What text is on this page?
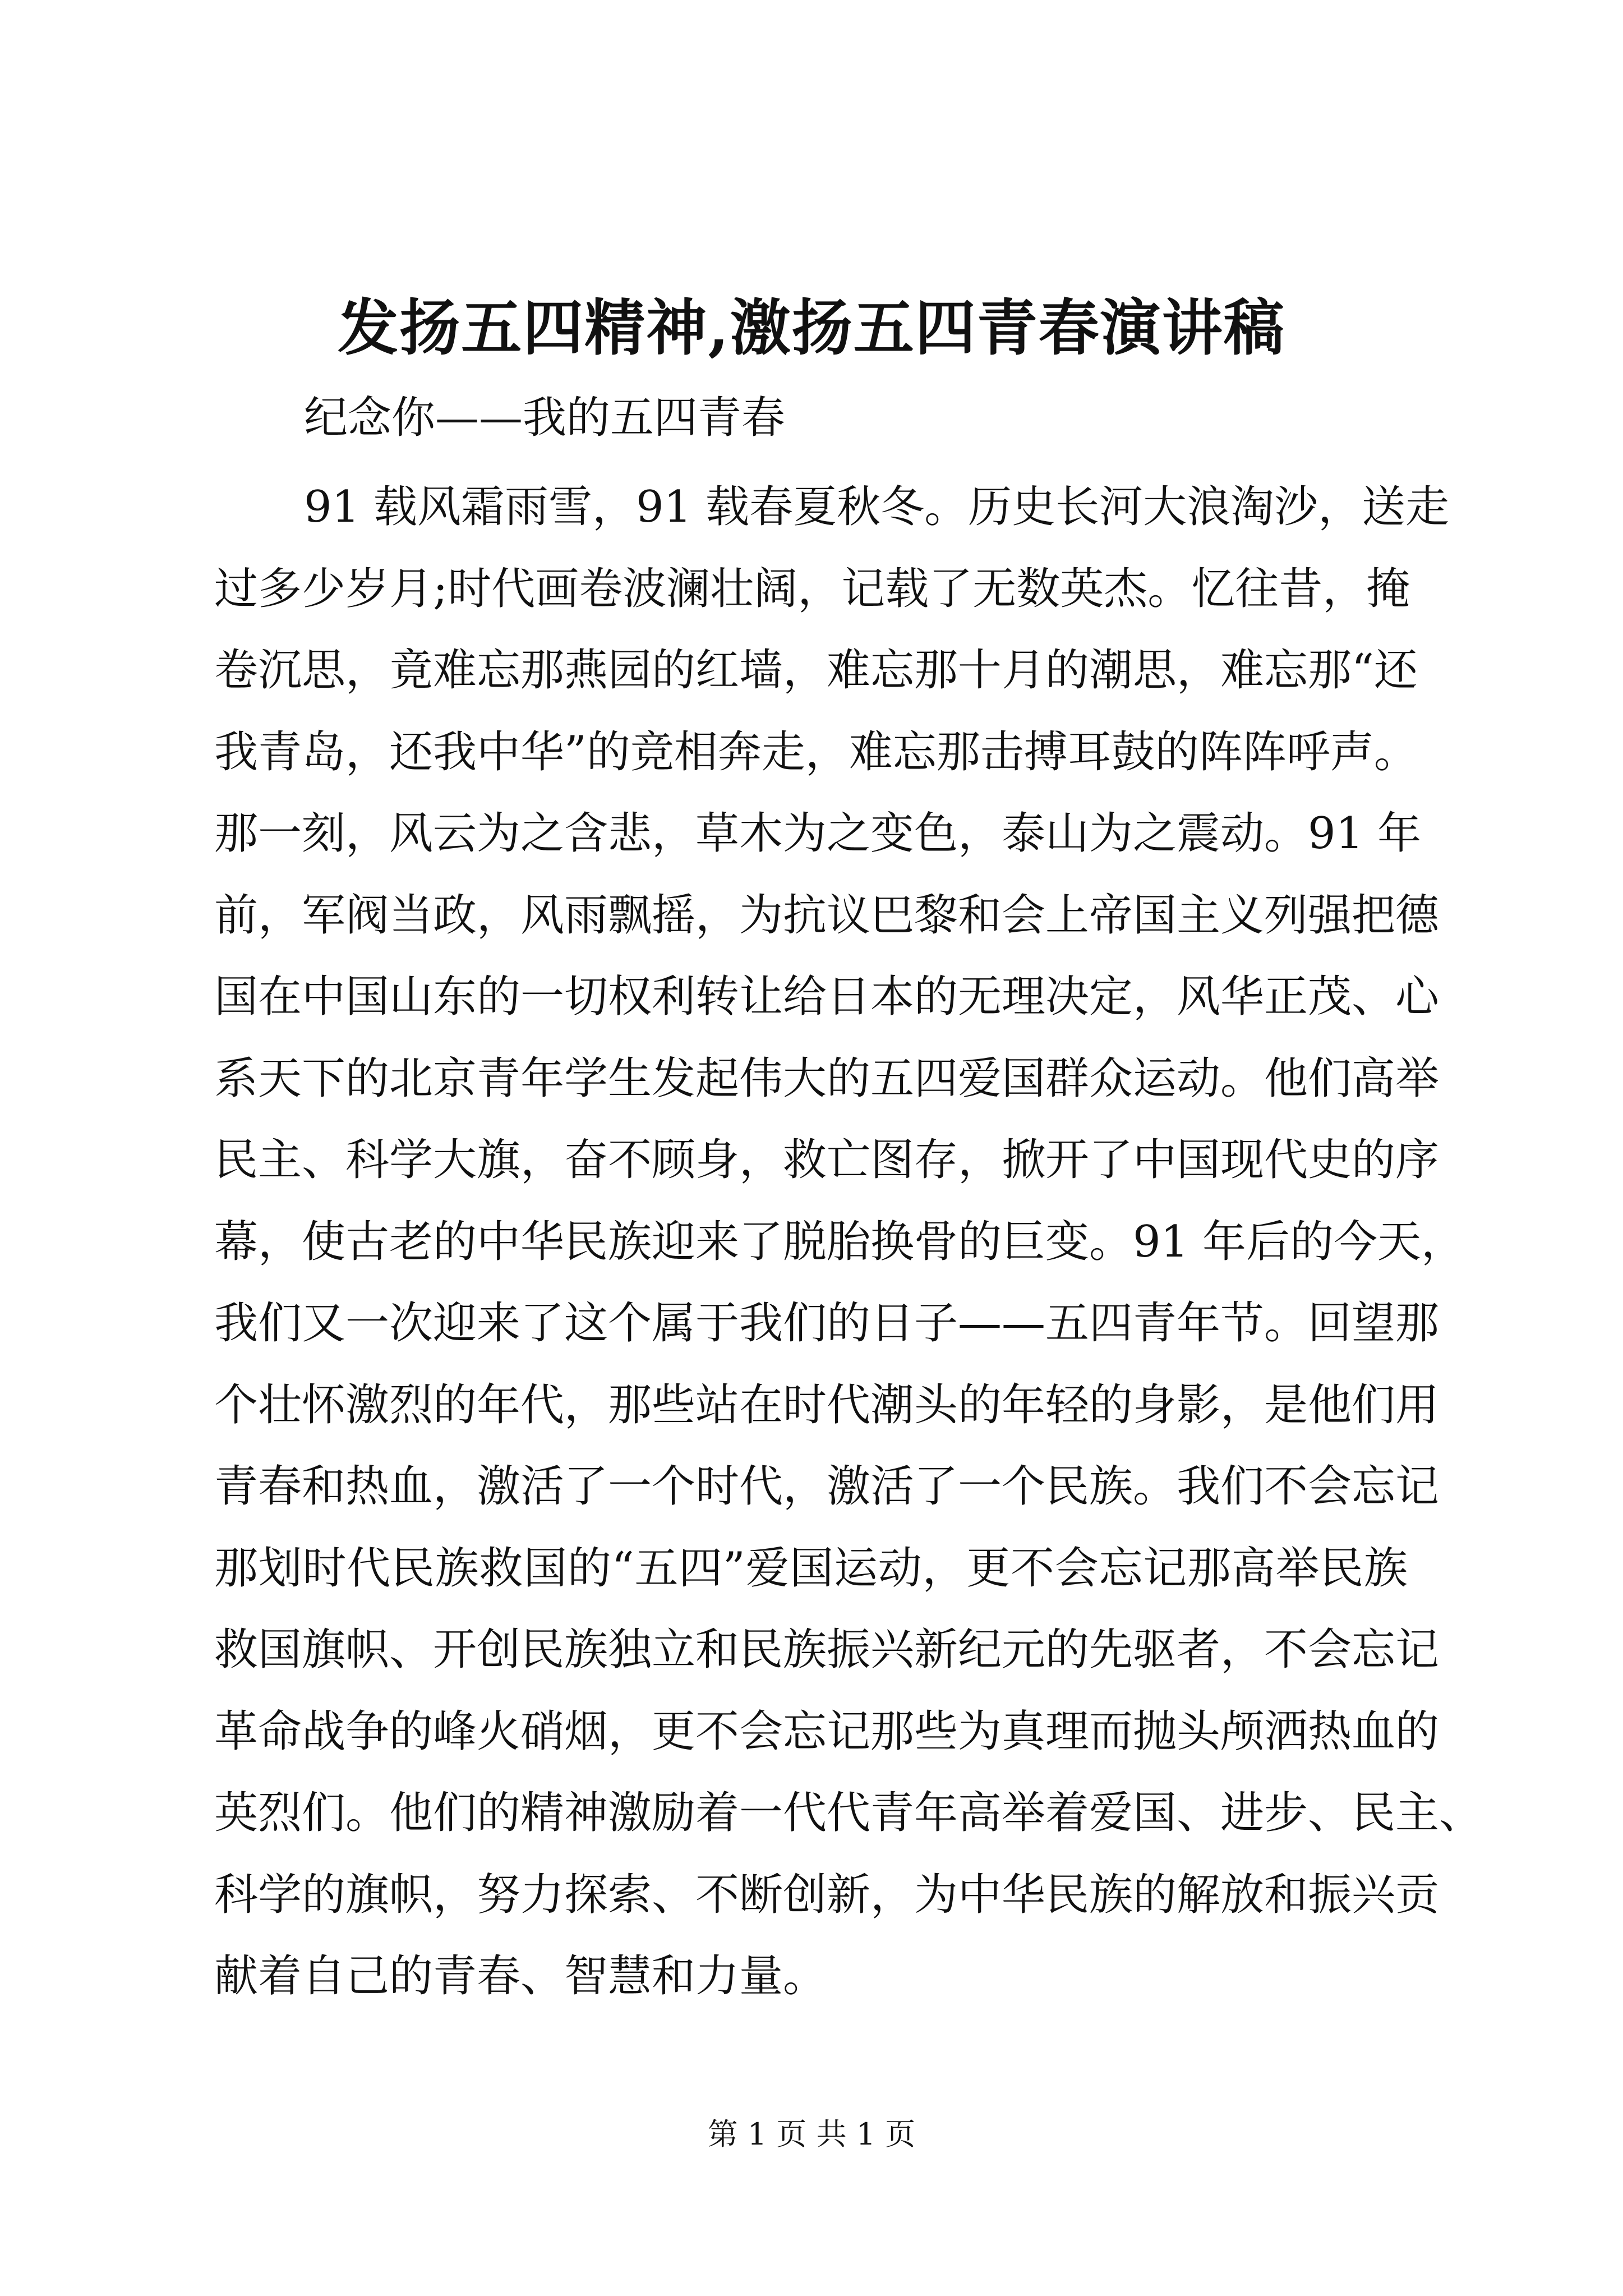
发扬五四精神,激扬五四青春演讲稿

纪念你——我的五四青春

91 载风霜雨雪，91 载春夏秋冬。历史长河大浪淘沙，送走
过多少岁月;时代画卷波澜壮阔，记载了无数英杰。忆往昔，掩
卷沉思，竟难忘那燕园的红墙，难忘那十月的潮思，难忘那“还
我青岛，还我中华”的竞相奔走，难忘那击搏耳鼓的阵阵呼声。
那一刻，风云为之含悲，草木为之变色，泰山为之震动。91 年
前，军阀当政，风雨飘摇，为抗议巴黎和会上帝国主义列强把德
国在中国山东的一切权利转让给日本的无理决定，风华正茂、心
系天下的北京青年学生发起伟大的五四爱国群众运动。他们高举
民主、科学大旗，奋不顾身，救亡图存，掀开了中国现代史的序
幕，使古老的中华民族迎来了脱胎换骨的巨变。91 年后的今天，
我们又一次迎来了这个属于我们的日子——五四青年节。回望那
个壮怀激烈的年代，那些站在时代潮头的年轻的身影，是他们用
青春和热血，激活了一个时代，激活了一个民族。我们不会忘记
那划时代民族救国的“五四”爱国运动，更不会忘记那高举民族
救国旗帜、开创民族独立和民族振兴新纪元的先驱者，不会忘记
革命战争的峰火硝烟，更不会忘记那些为真理而抛头颅洒热血的
英烈们。他们的精神激励着一代代青年高举着爱国、进步、民主、
科学的旗帜，努力探索、不断创新，为中华民族的解放和振兴贡
献着自己的青春、智慧和力量。

第 1 页 共 1 页
